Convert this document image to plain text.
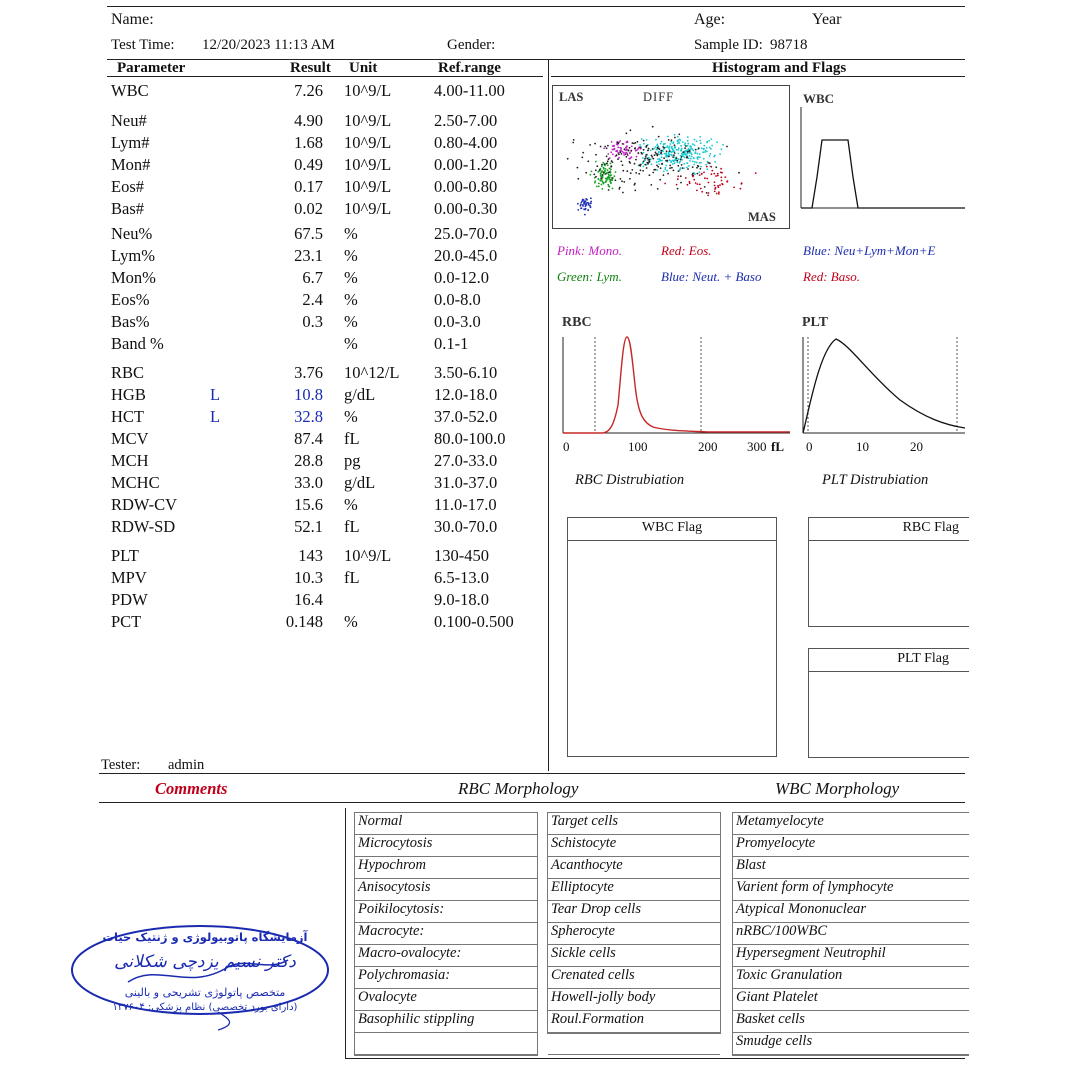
Name:	Age:	Year
Test Time: 12/20/2023 11:13 AM	Gender:	Sample ID: 98718
Parameter	Result Unit	Ref.range	Histogram and Flags
WBC	7.26 10^9/L	4.00-11.00
Neu#	4.90 10^9/L	2.50-7.00
Lym#	1.68 10^9/L	0.80-4.00
Mon#	0.49 10^9/L	0.00-1.20
Eos#	0.17 10^9/L	0.00-0.80
Bas#	0.02 10^9/L	0.00-0.30
Neu%	67.5 %	25.0-70.0
Lym%	23.1 %	20.0-45.0
Mon%	6.7 %	0.0-12.0
Eos%	2.4 %	0.0-8.0
Bas%	0.3 %	0.0-3.0
Band %	%	0.1-1
RBC	3.76 10^12/L 3.50-6.10
HGB	L	10.8 g/dL	12.0-18.0
HCT	L	32.8 %	37.0-52.0
MCV	87.4 fL	80.0-100.0
MCH	28.8 pg	27.0-33.0
MCHC	33.0 g/dL	31.0-37.0
RDW-CV	15.6 %	11.0-17.0
RDW-SD	52.1 fL	30.0-70.0
PLT	143 10^9/L	130-450
MPV	10.3 fL	6.5-13.0
PDW	16.4	9.0-18.0
PCT	0.148 %	0.100-0.500
LAS	DIFF
MAS
WBC
Pink: Mono.	Red: Eos.	Blue: Neu+Lym+Mon+E
Green: Lym.	Blue: Neut. + Baso	Red: Baso.
RBC
0	100	200 300 fL
PLT
0	10	20
RBC Distrubiation	PLT Distrubiation
WBC Flag	RBC Flag
PLT Flag
Tester: admin
Comments	RBC Morphology	WBC Morphology
Normal
Microcytosis
Hypochrom
Anisocytosis
Poikilocytosis:
Macrocyte:
Macro-ovalocyte:
Polychromasia:
Ovalocyte
Basophilic stippling
Target cells
Schistocyte
Acanthocyte
Elliptocyte
Tear Drop cells
Spherocyte
Sickle cells
Crenated cells
Howell-jolly body
Roul.Formation
Metamyelocyte
Promyelocyte
Blast
Varient form of lymphocyte
Atypical Mononuclear
nRBC/100WBC
Hypersegment Neutrophil
Toxic Granulation
Giant Platelet
Basket cells
Smudge cells
آزمایشگاه پاتوبیولوژی و ژنتیک حیات
دکتر نسیم یزدچی شکلانی
متخصص پاتولوژی تشریحی و بالینی
(دارای بورد تخصصی) نظام پزشکی: ۱۳۷۶۰۴
